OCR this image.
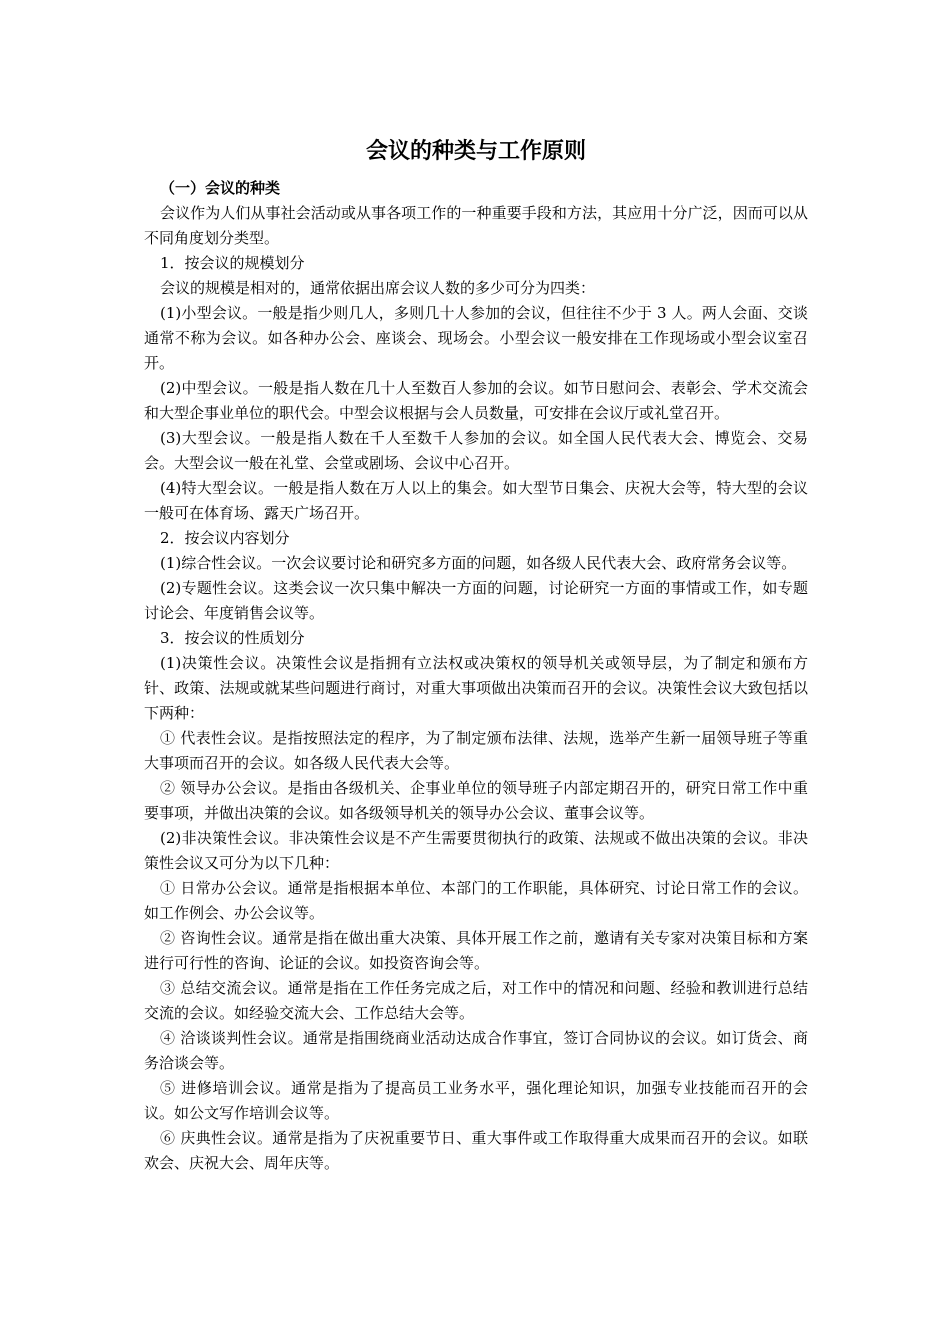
会议的种类与工作原则
（一）会议的种类

会议作为人们从事社会活动或从事各项工作的一种重要手段和方法，其应用十分广泛，因而可以从不同角度划分类型。

1．按会议的规模划分

会议的规模是相对的，通常依据出席会议人数的多少可分为四类：

(1)小型会议。一般是指少则几人，多则几十人参加的会议，但往往不少于 3 人。两人会面、交谈通常不称为会议。如各种办公会、座谈会、现场会。小型会议一般安排在工作现场或小型会议室召开。

(2)中型会议。一般是指人数在几十人至数百人参加的会议。如节日慰问会、表彰会、学术交流会和大型企事业单位的职代会。中型会议根据与会人员数量，可安排在会议厅或礼堂召开。

(3)大型会议。一般是指人数在千人至数千人参加的会议。如全国人民代表大会、博览会、交易会。大型会议一般在礼堂、会堂或剧场、会议中心召开。

(4)特大型会议。一般是指人数在万人以上的集会。如大型节日集会、庆祝大会等，特大型的会议一般可在体育场、露天广场召开。

2．按会议内容划分

(1)综合性会议。一次会议要讨论和研究多方面的问题，如各级人民代表大会、政府常务会议等。

(2)专题性会议。这类会议一次只集中解决一方面的问题，讨论研究一方面的事情或工作，如专题讨论会、年度销售会议等。

3．按会议的性质划分

(1)决策性会议。决策性会议是指拥有立法权或决策权的领导机关或领导层，为了制定和颁布方针、政策、法规或就某些问题进行商讨，对重大事项做出决策而召开的会议。决策性会议大致包括以下两种：

① 代表性会议。是指按照法定的程序，为了制定颁布法律、法规，选举产生新一届领导班子等重大事项而召开的会议。如各级人民代表大会等。

② 领导办公会议。是指由各级机关、企事业单位的领导班子内部定期召开的，研究日常工作中重要事项，并做出决策的会议。如各级领导机关的领导办公会议、董事会议等。

(2)非决策性会议。非决策性会议是不产生需要贯彻执行的政策、法规或不做出决策的会议。非决策性会议又可分为以下几种：

① 日常办公会议。通常是指根据本单位、本部门的工作职能，具体研究、讨论日常工作的会议。如工作例会、办公会议等。

② 咨询性会议。通常是指在做出重大决策、具体开展工作之前，邀请有关专家对决策目标和方案进行可行性的咨询、论证的会议。如投资咨询会等。

③ 总结交流会议。通常是指在工作任务完成之后，对工作中的情况和问题、经验和教训进行总结交流的会议。如经验交流大会、工作总结大会等。

④ 洽谈谈判性会议。通常是指围绕商业活动达成合作事宜，签订合同协议的会议。如订货会、商务洽谈会等。

⑤ 进修培训会议。通常是指为了提高员工业务水平，强化理论知识，加强专业技能而召开的会议。如公文写作培训会议等。

⑥ 庆典性会议。通常是指为了庆祝重要节日、重大事件或工作取得重大成果而召开的会议。如联欢会、庆祝大会、周年庆等。
